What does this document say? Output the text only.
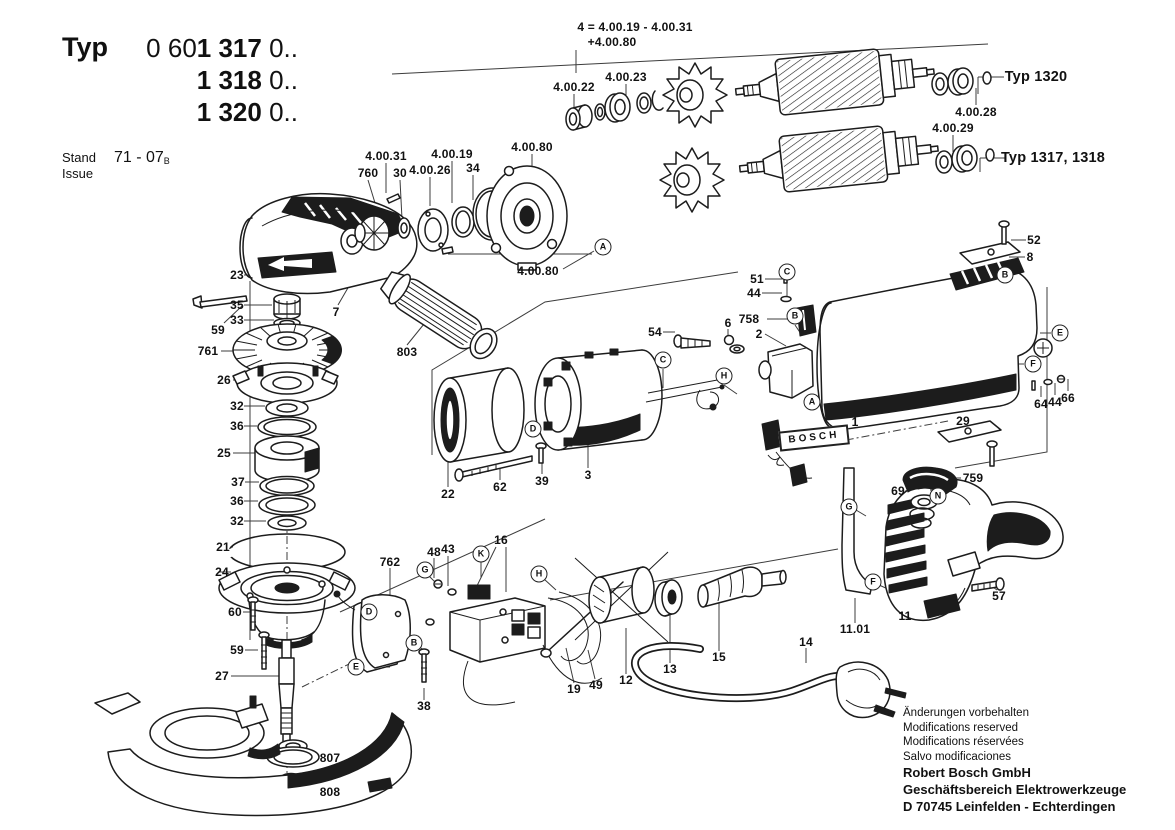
Typ	0 601 317 0..
1 318 0..
1 320 0..
Stand
Issue
71 - 07B
BOSCH
Änderungen vorbehalten
Modifications reserved
Modifications réservées
Salvo modificaciones
Robert Bosch GmbH
Geschäftsbereich Elektrowerkzeuge
D 70745 Leinfelden - Echterdingen
4 = 4.00.19 - 4.00.31
+4.00.80
4.00.22
4.00.23	Typ 1320
4.00.28
4.00.29
Typ 1317, 1318
4.00.31
760 30 4.00.26
4.00.19
34
4.00.80
4.00.80
52
8
23
35
33
59
761
7
803
26
32
36
25
37
36
32
21
24
51
44
758
6
2
54
22	62 39	3
1	29
64 44 66
759
69
57
11
11.01
14
15
13
12
19 49
16
48 43
762
38
60
59
27
807
808
A
C	B
B
C
H
A
E
F
D
G
K
H
D
B
E
G
N
F
